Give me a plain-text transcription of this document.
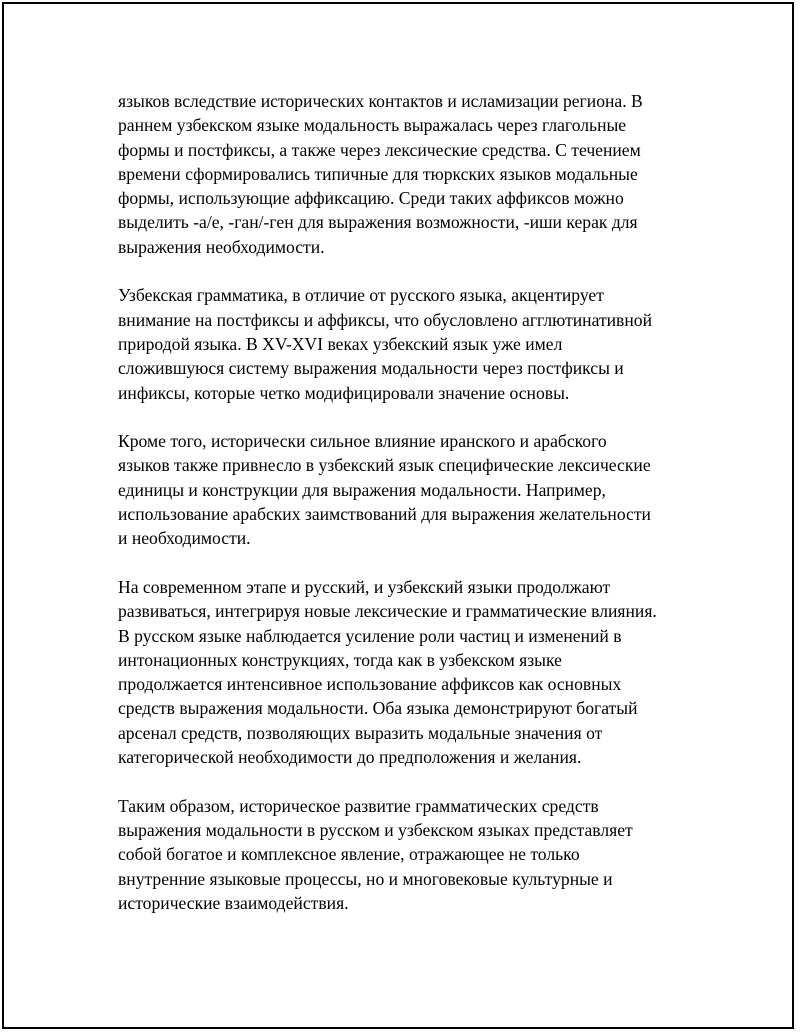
языков вследствие исторических контактов и исламизации региона. В
раннем узбекском языке модальность выражалась через глагольные
формы и постфиксы, а также через лексические средства. С течением
времени сформировались типичные для тюркских языков модальные
формы, использующие аффиксацию. Среди таких аффиксов можно
выделить -а/е, -ган/-ген для выражения возможности, -иши керак для
выражения необходимости.

Узбекская грамматика, в отличие от русского языка, акцентирует
внимание на постфиксы и аффиксы, что обусловлено агглютинативной
природой языка. В XV-XVI веках узбекский язык уже имел
сложившуюся систему выражения модальности через постфиксы и
инфиксы, которые четко модифицировали значение основы.

Кроме того, исторически сильное влияние иранского и арабского
языков также привнесло в узбекский язык специфические лексические
единицы и конструкции для выражения модальности. Например,
использование арабских заимствований для выражения желательности
и необходимости.

На современном этапе и русский, и узбекский языки продолжают
развиваться, интегрируя новые лексические и грамматические влияния.
В русском языке наблюдается усиление роли частиц и изменений в
интонационных конструкциях, тогда как в узбекском языке
продолжается интенсивное использование аффиксов как основных
средств выражения модальности. Оба языка демонстрируют богатый
арсенал средств, позволяющих выразить модальные значения от
категорической необходимости до предположения и желания.

Таким образом, историческое развитие грамматических средств
выражения модальности в русском и узбекском языках представляет
собой богатое и комплексное явление, отражающее не только
внутренние языковые процессы, но и многовековые культурные и
исторические взаимодействия.
